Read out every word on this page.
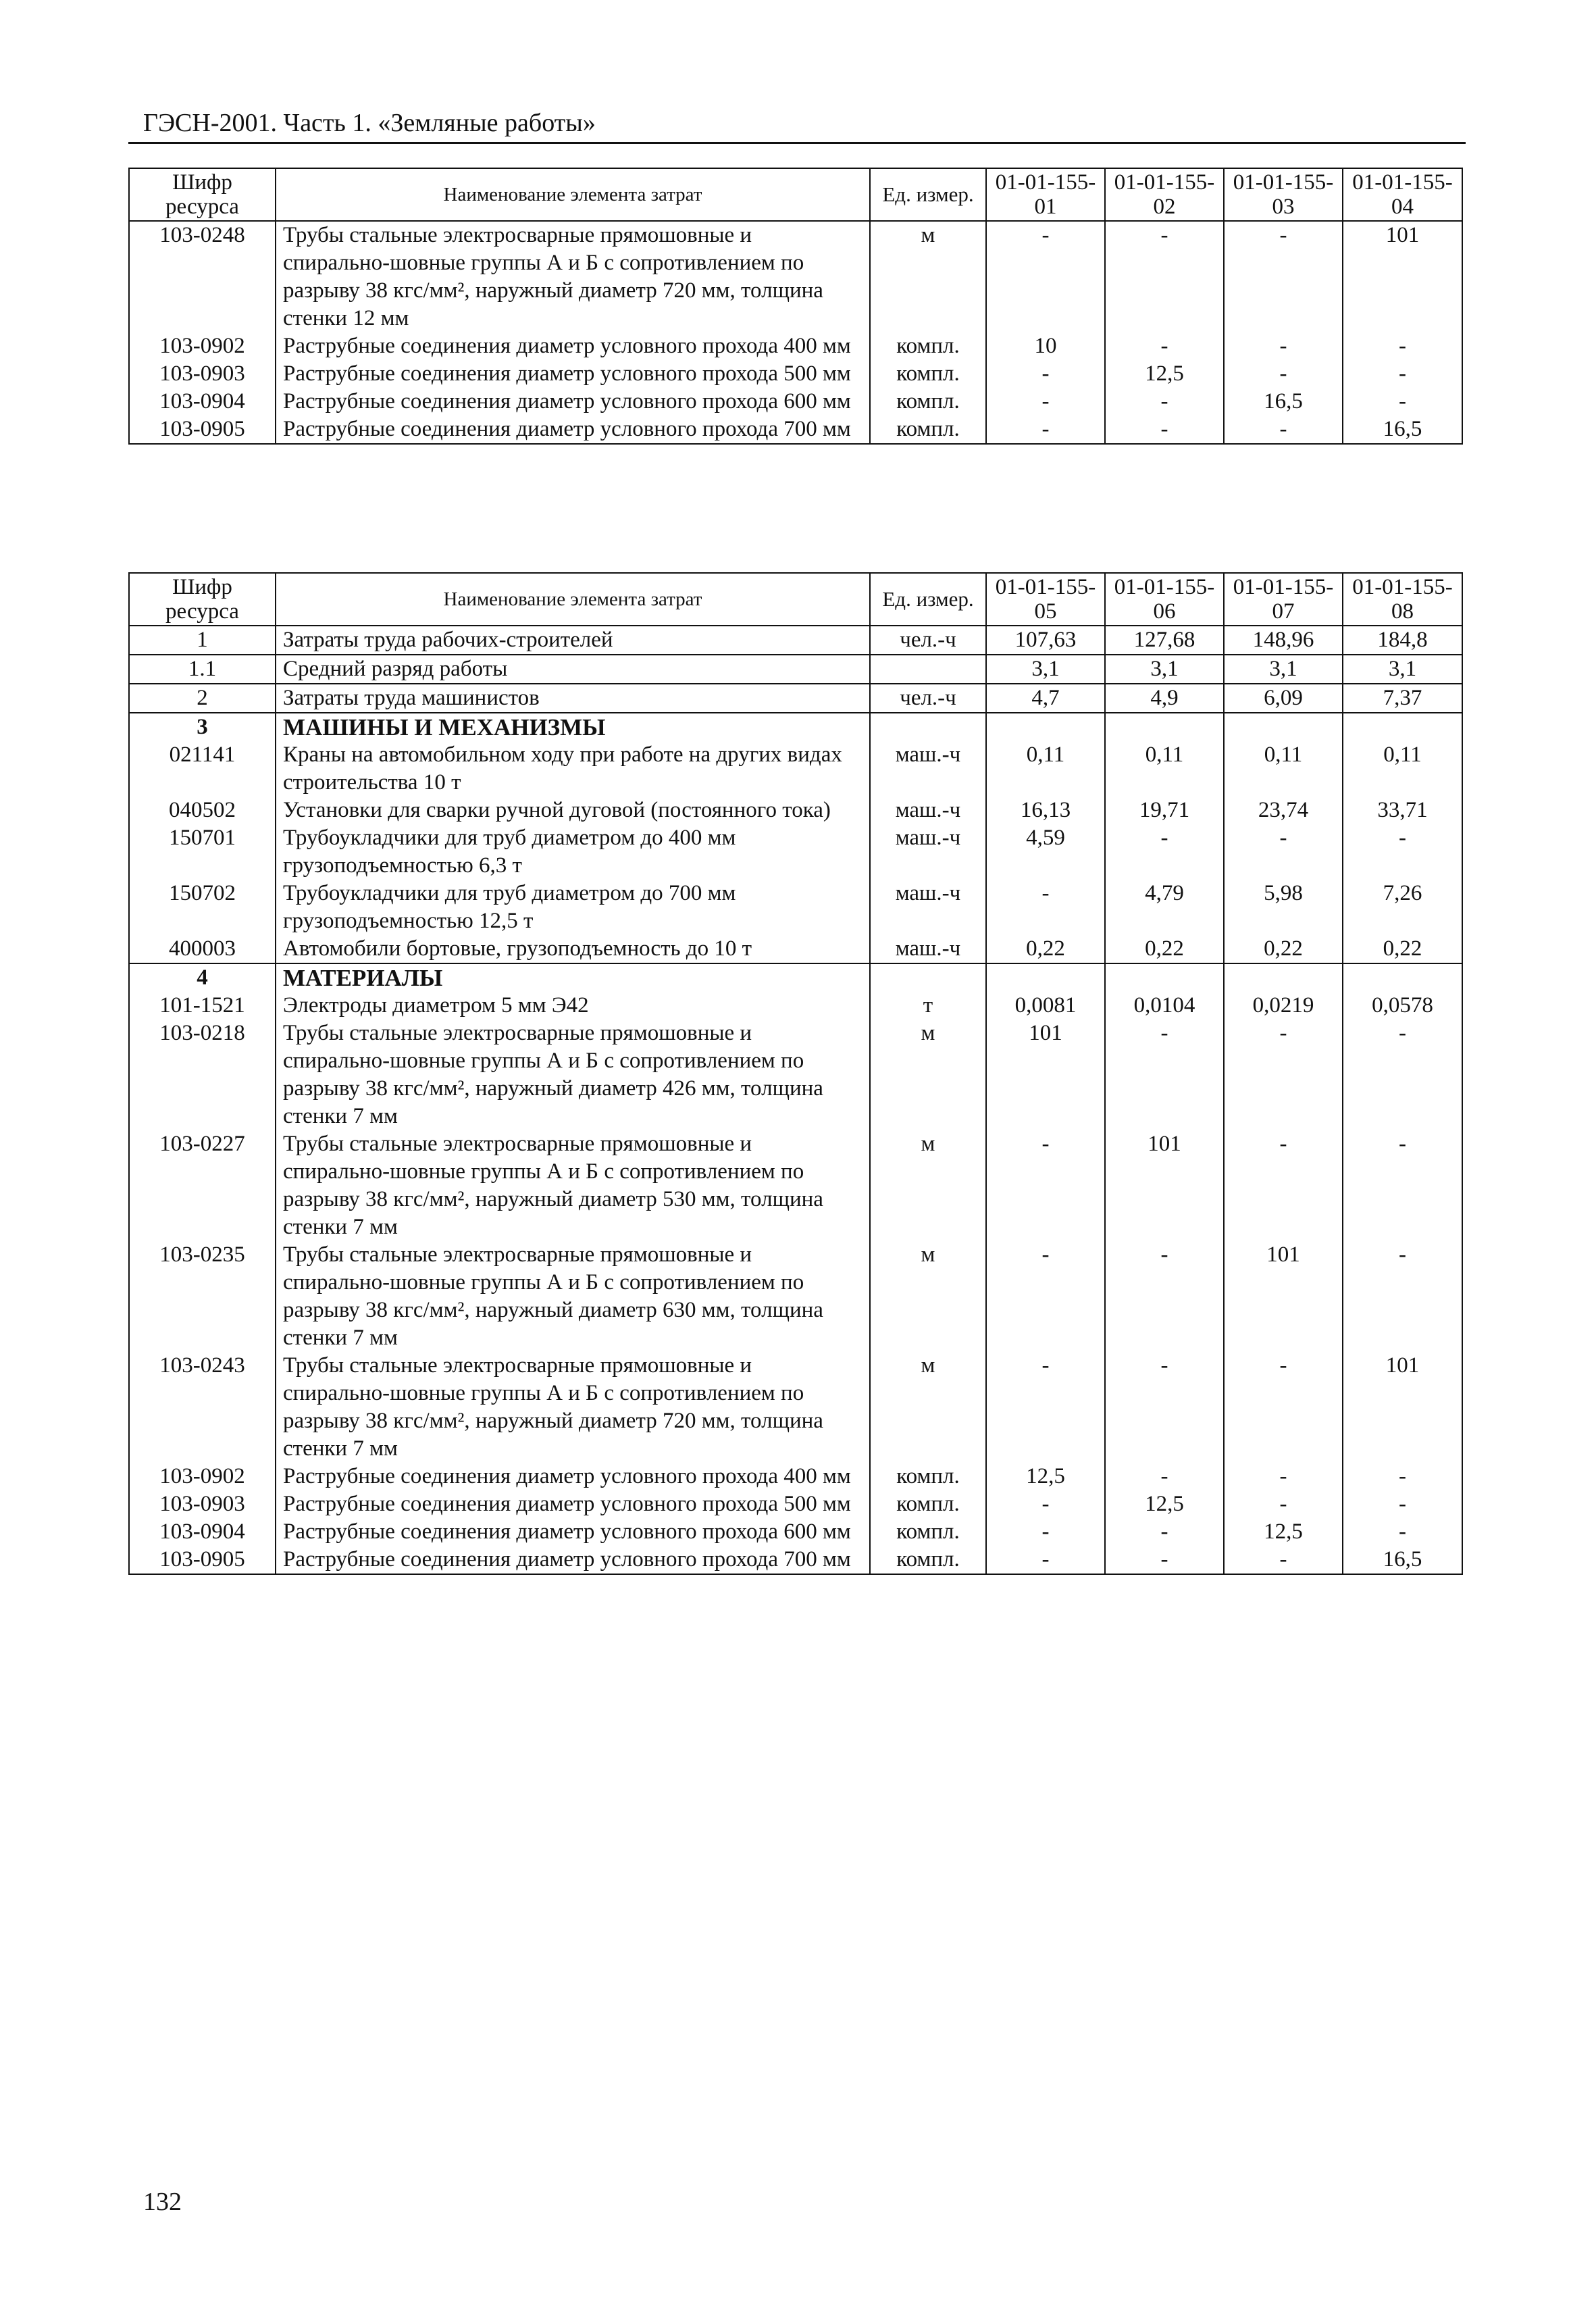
ГЭСН-2001. Часть 1. «Земляные работы»
Шифр ресурса	Наименование элемента затрат	Ед. измер.	01-01-155-01	01-01-155-02	01-01-155-03	01-01-155-04
103-0248	Трубы стальные электросварные прямошовные и спирально-шовные группы А и Б с сопротивлением по разрыву 38 кгс/мм², наружный диаметр 720 мм, толщина стенки 12 мм	м	-	-	-	101
103-0902	Раструбные соединения диаметр условного прохода 400 мм	компл.	10	-	-	-
103-0903	Раструбные соединения диаметр условного прохода 500 мм	компл.	-	12,5	-	-
103-0904	Раструбные соединения диаметр условного прохода 600 мм	компл.	-	-	16,5	-
103-0905	Раструбные соединения диаметр условного прохода 700 мм	компл.	-	-	-	16,5
Шифр ресурса	Наименование элемента затрат	Ед. измер.	01-01-155-05	01-01-155-06	01-01-155-07	01-01-155-08
1	Затраты труда рабочих-строителей	чел.-ч	107,63	127,68	148,96	184,8
1.1	Средний разряд работы		3,1	3,1	3,1	3,1
2	Затраты труда машинистов	чел.-ч	4,7	4,9	6,09	7,37
3	МАШИНЫ И МЕХАНИЗМЫ					
021141	Краны на автомобильном ходу при работе на других видах строительства 10 т	маш.-ч	0,11	0,11	0,11	0,11
040502	Установки для сварки ручной дуговой (постоянного тока)	маш.-ч	16,13	19,71	23,74	33,71
150701	Трубоукладчики для труб диаметром до 400 мм грузоподъемностью 6,3 т	маш.-ч	4,59	-	-	-
150702	Трубоукладчики для труб диаметром до 700 мм грузоподъемностью 12,5 т	маш.-ч	-	4,79	5,98	7,26
400003	Автомобили бортовые, грузоподъемность до 10 т	маш.-ч	0,22	0,22	0,22	0,22
4	МАТЕРИАЛЫ					
101-1521	Электроды диаметром 5 мм Э42	т	0,0081	0,0104	0,0219	0,0578
103-0218	Трубы стальные электросварные прямошовные и спирально-шовные группы А и Б с сопротивлением по разрыву 38 кгс/мм², наружный диаметр 426 мм, толщина стенки 7 мм	м	101	-	-	-
103-0227	Трубы стальные электросварные прямошовные и спирально-шовные группы А и Б с сопротивлением по разрыву 38 кгс/мм², наружный диаметр 530 мм, толщина стенки 7 мм	м	-	101	-	-
103-0235	Трубы стальные электросварные прямошовные и спирально-шовные группы А и Б с сопротивлением по разрыву 38 кгс/мм², наружный диаметр 630 мм, толщина стенки 7 мм	м	-	-	101	-
103-0243	Трубы стальные электросварные прямошовные и спирально-шовные группы А и Б с сопротивлением по разрыву 38 кгс/мм², наружный диаметр 720 мм, толщина стенки 7 мм	м	-	-	-	101
103-0902	Раструбные соединения диаметр условного прохода 400 мм	компл.	12,5	-	-	-
103-0903	Раструбные соединения диаметр условного прохода 500 мм	компл.	-	12,5	-	-
103-0904	Раструбные соединения диаметр условного прохода 600 мм	компл.	-	-	12,5	-
103-0905	Раструбные соединения диаметр условного прохода 700 мм	компл.	-	-	-	16,5
132
